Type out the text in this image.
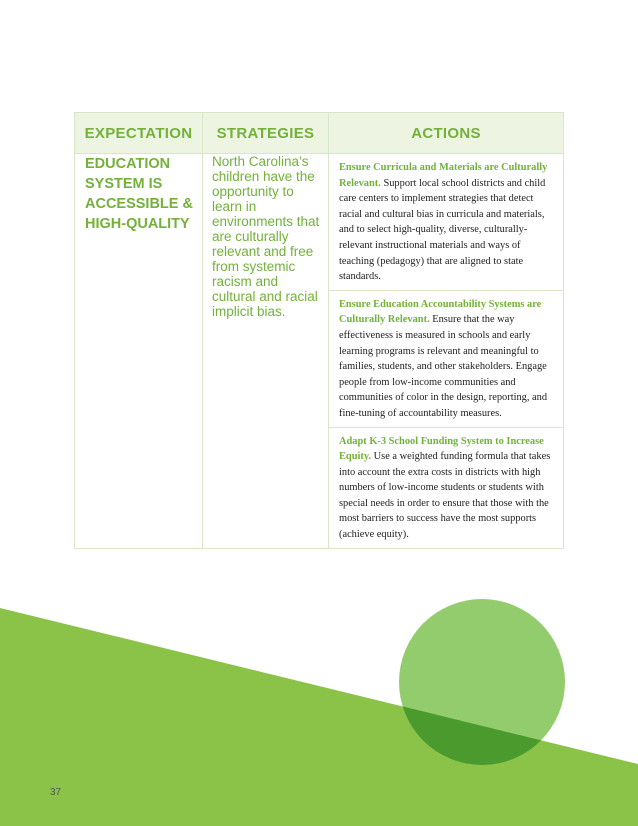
EXPECTATION	STRATEGIES	ACTIONS
EDUCATION SYSTEM IS ACCESSIBLE & HIGH-QUALITY	North Carolina’s children have the opportunity to learn in environments that are culturally relevant and free from systemic racism and cultural and racial implicit bias.	Ensure Curricula and Materials are Culturally Relevant. Support local school districts and child care centers to implement strategies that detect racial and cultural bias in curricula and materials, and to select high-quality, diverse, culturally-relevant instructional materials and ways of teaching (pedagogy) that are aligned to state standards.
		Ensure Education Accountability Systems are Culturally Relevant. Ensure that the way effectiveness is measured in schools and early learning programs is relevant and meaningful to families, students, and other stakeholders. Engage people from low-income communities and communities of color in the design, reporting, and fine-tuning of accountability measures.
		Adapt K-3 School Funding System to Increase Equity. Use a weighted funding formula that takes into account the extra costs in districts with high numbers of low-income students or students with special needs in order to ensure that those with the most barriers to success have the most supports (achieve equity).
37
